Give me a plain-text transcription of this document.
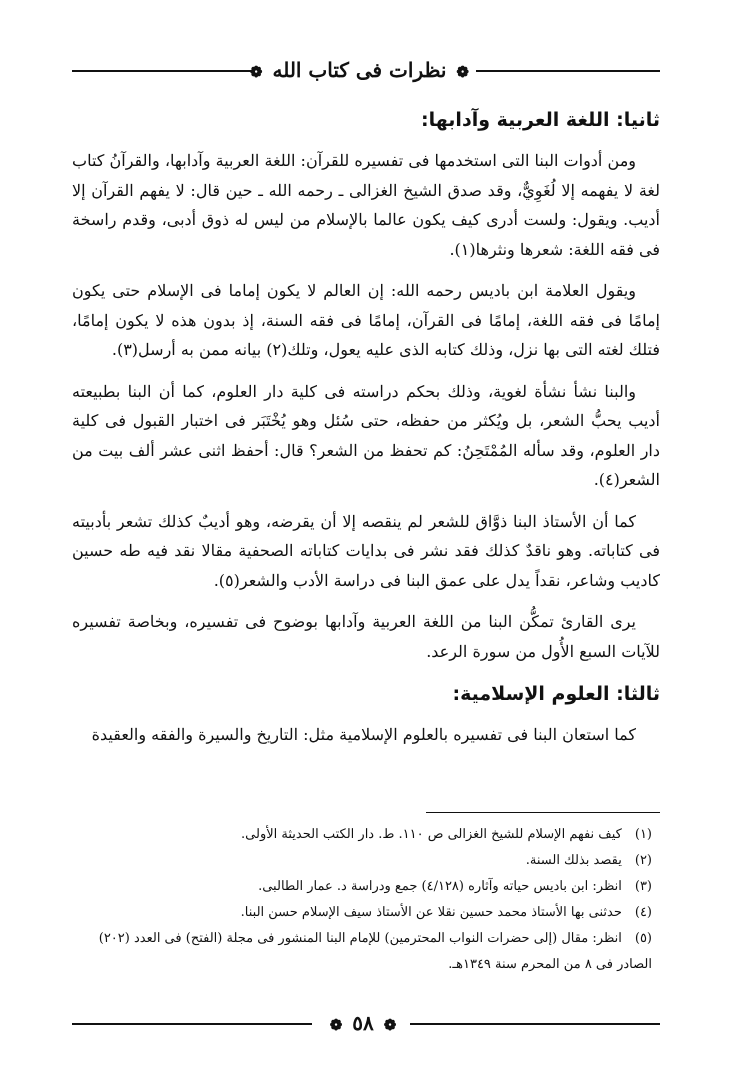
❁ نظرات فى كتاب الله ❁
ثانيا: اللغة العربية وآدابها:

ومن أدوات البنا التى استخدمها فى تفسيره للقرآن: اللغة العربية وآدابها، والقرآنُ كتاب لغة لا يفهمه إلا لُغَوِيٌّ، وقد صدق الشيخ الغزالى ـ رحمه الله ـ حين قال: لا يفهم القرآن إلا أديب. ويقول: ولست أدرى كيف يكون عالما بالإسلام من ليس له ذوق أدبى، وقدم راسخة فى فقه اللغة: شعرها ونثرها(١).

ويقول العلامة ابن باديس رحمه الله: إن العالم لا يكون إماما فى الإسلام حتى يكون إمامًا فى فقه اللغة، إمامًا فى القرآن، إمامًا فى فقه السنة، إذ بدون هذه لا يكون إمامًا، فتلك لغته التى بها نزل، وذلك كتابه الذى عليه يعول، وتلك(٢) بيانه ممن به أرسل(٣).

والبنا نشأ نشأة لغوية، وذلك بحكم دراسته فى كلية دار العلوم، كما أن البنا بطبيعته أديب يحبُّ الشعر، بل ويُكثر من حفظه، حتى سُئل وهو يُخْتَبَر فى اختبار القبول فى كلية دار العلوم، وقد سأله المُمْتَحِنُ: كم تحفظ من الشعر؟ قال: أحفظ اثنى عشر ألف بيت من الشعر(٤).

كما أن الأستاذ البنا ذوَّاق للشعر لم ينقصه إلا أن يقرضه، وهو أديبٌ كذلك تشعر بأدبيته فى كتاباته. وهو ناقدٌ كذلك فقد نشر فى بدايات كتاباته الصحفية مقالا نقد فيه طه حسين كاديب وشاعر، نقداً يدل على عمق البنا فى دراسة الأدب والشعر(٥).

يرى القارئ تمكُّن البنا من اللغة العربية وآدابها بوضوح فى تفسيره، وبخاصة تفسيره للآيات السبع الأُول من سورة الرعد.

ثالثا: العلوم الإسلامية:

كما استعان البنا فى تفسيره بالعلوم الإسلامية مثل: التاريخ والسيرة والفقه والعقيدة

(١) كيف نفهم الإسلام للشيخ الغزالى ص ١١٠. ط. دار الكتب الحديثة الأولى.
(٢) يقصد بذلك السنة.
(٣) انظر: ابن باديس حياته وآثاره (٤/١٢٨) جمع ودراسة د. عمار الطالبى.
(٤) حدثنى بها الأستاذ محمد حسين نقلا عن الأستاذ سيف الإسلام حسن البنا.
(٥) انظر: مقال (إلى حضرات النواب المحترمين) للإمام البنا المنشور فى مجلة (الفتح) فى العدد (٢٠٢) الصادر فى ٨ من المحرم سنة ١٣٤٩هـ.
❁ ٥٨ ❁
